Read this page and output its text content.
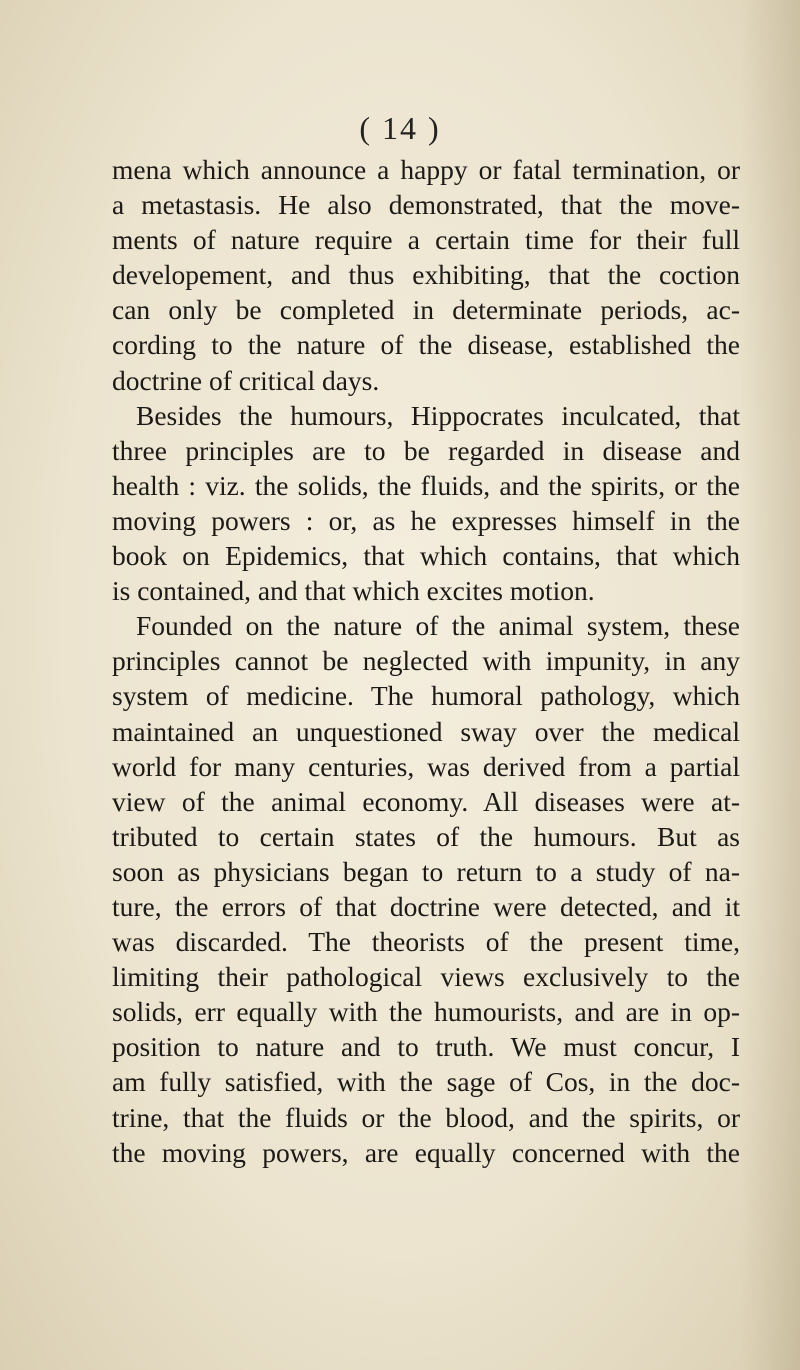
( 14 )
mena which announce a happy or fatal termination, or
a metastasis. He also demonstrated, that the move-
ments of nature require a certain time for their full
developement, and thus exhibiting, that the coction
can only be completed in determinate periods, ac-
cording to the nature of the disease, established the
doctrine of critical days.
Besides the humours, Hippocrates inculcated, that
three principles are to be regarded in disease and
health : viz. the solids, the fluids, and the spirits, or the
moving powers : or, as he expresses himself in the
book on Epidemics, that which contains, that which
is contained, and that which excites motion.
Founded on the nature of the animal system, these
principles cannot be neglected with impunity, in any
system of medicine. The humoral pathology, which
maintained an unquestioned sway over the medical
world for many centuries, was derived from a partial
view of the animal economy. All diseases were at-
tributed to certain states of the humours. But as
soon as physicians began to return to a study of na-
ture, the errors of that doctrine were detected, and it
was discarded. The theorists of the present time,
limiting their pathological views exclusively to the
solids, err equally with the humourists, and are in op-
position to nature and to truth. We must concur, I
am fully satisfied, with the sage of Cos, in the doc-
trine, that the fluids or the blood, and the spirits, or
the moving powers, are equally concerned with the
